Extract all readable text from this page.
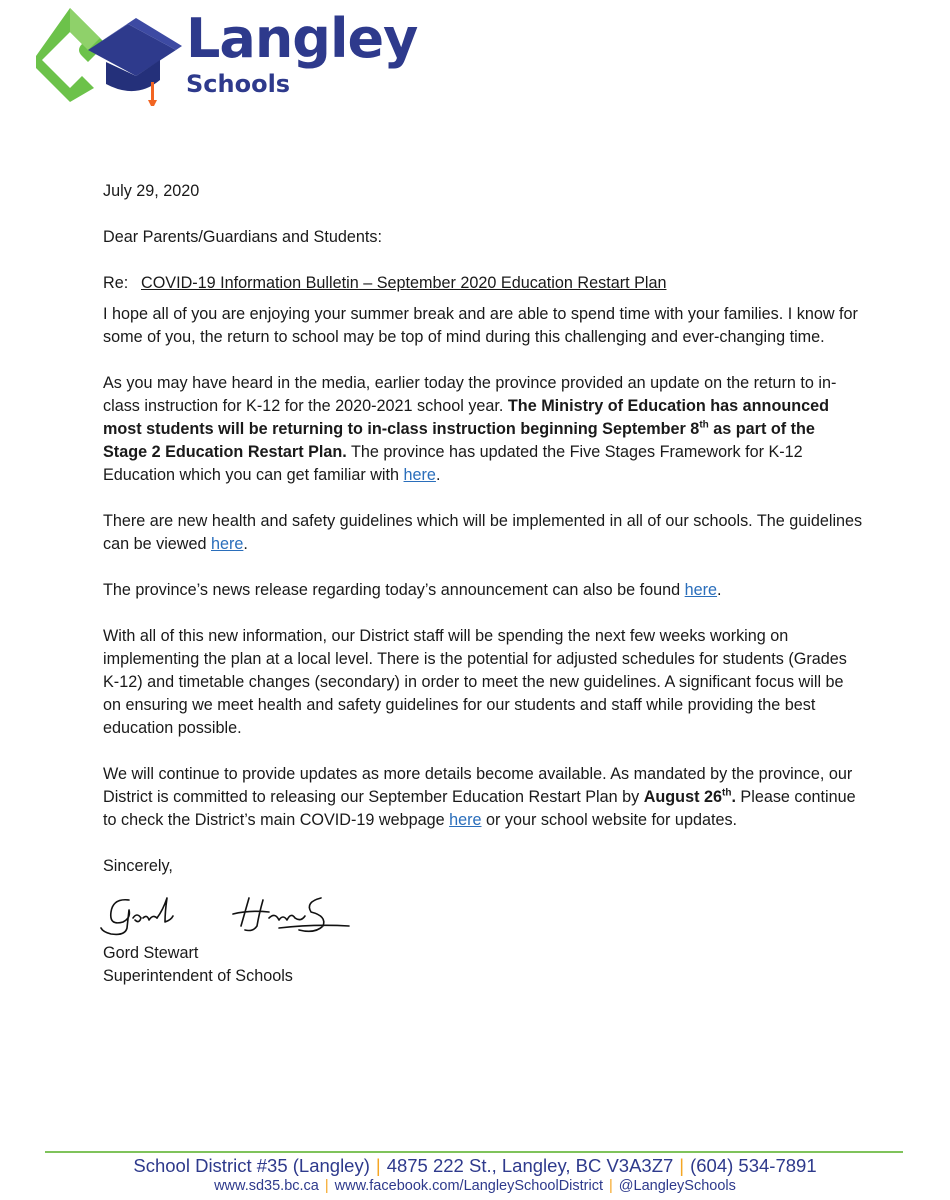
Langley
Schools

July 29, 2020

Dear Parents/Guardians and Students:

Re: COVID-19 Information Bulletin – September 2020 Education Restart Plan

I hope all of you are enjoying your summer break and are able to spend time with your families. I know for some of you, the return to school may be top of mind during this challenging and ever-changing time.

As you may have heard in the media, earlier today the province provided an update on the return to in-class instruction for K-12 for the 2020-2021 school year. The Ministry of Education has announced most students will be returning to in-class instruction beginning September 8th as part of the Stage 2 Education Restart Plan. The province has updated the Five Stages Framework for K-12 Education which you can get familiar with here.

There are new health and safety guidelines which will be implemented in all of our schools. The guidelines can be viewed here.

The province’s news release regarding today’s announcement can also be found here.

With all of this new information, our District staff will be spending the next few weeks working on implementing the plan at a local level. There is the potential for adjusted schedules for students (Grades K-12) and timetable changes (secondary) in order to meet the new guidelines. A significant focus will be on ensuring we meet health and safety guidelines for our students and staff while providing the best education possible.

We will continue to provide updates as more details become available. As mandated by the province, our District is committed to releasing our September Education Restart Plan by August 26th. Please continue to check the District’s main COVID-19 webpage here or your school website for updates.

Sincerely,

Gord Stewart

Superintendent of Schools

School District #35 (Langley) | 4875 222 St., Langley, BC V3A3Z7 | (604) 534-7891
www.sd35.bc.ca | www.facebook.com/LangleySchoolDistrict | @LangleySchools
